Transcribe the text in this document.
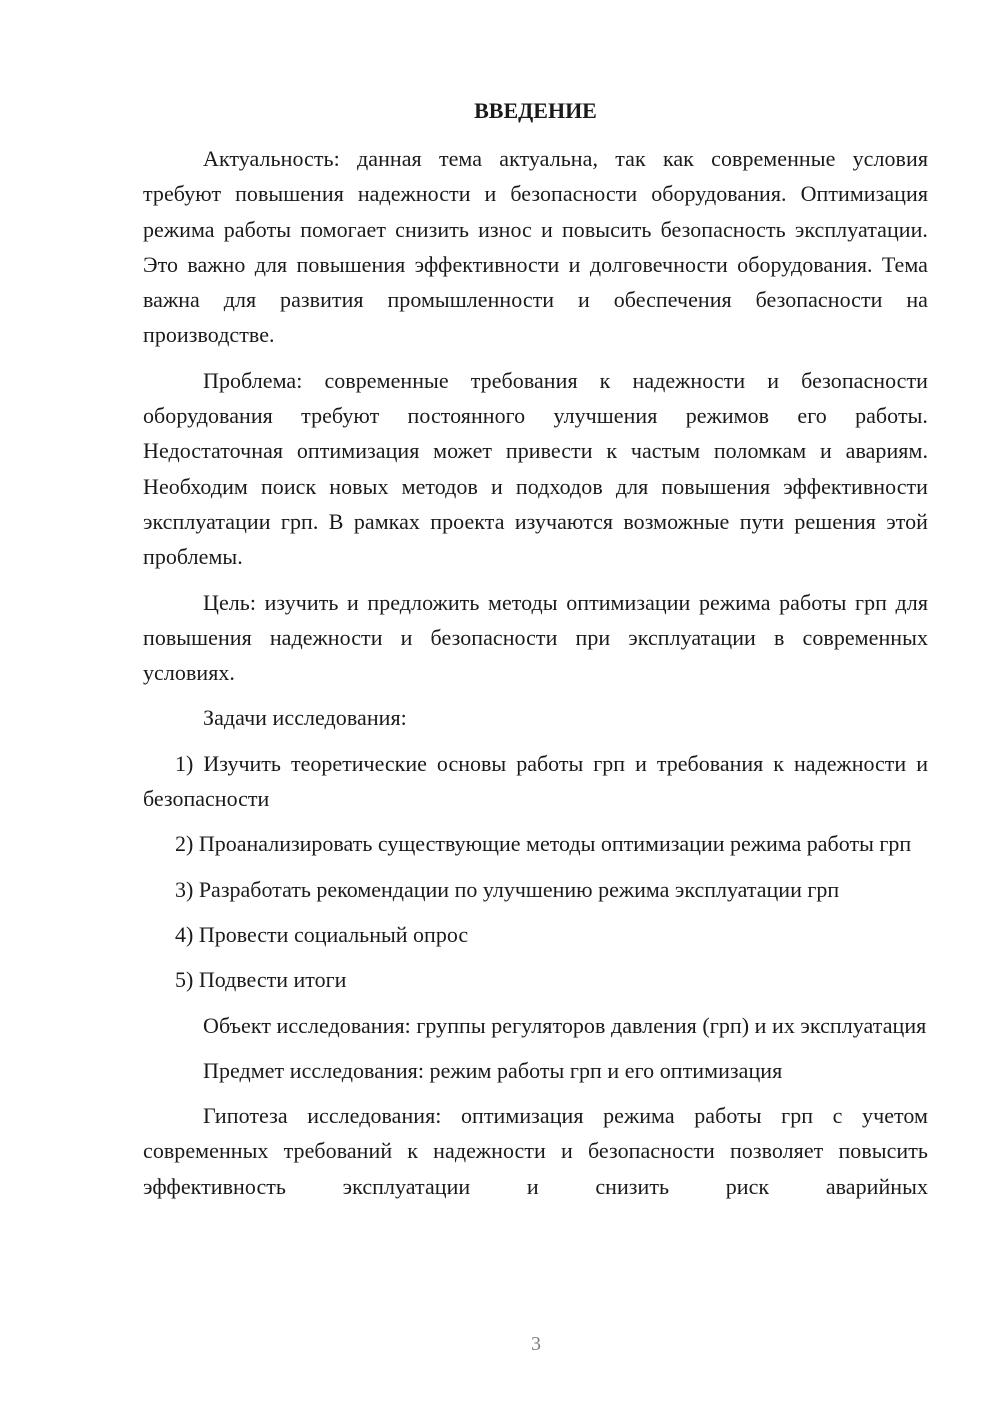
ВВЕДЕНИЕ

Актуальность: данная тема актуальна, так как современные условия требуют повышения надежности и безопасности оборудования. Оптимизация режима работы помогает снизить износ и повысить безопасность эксплуатации. Это важно для повышения эффективности и долговечности оборудования. Тема важна для развития промышленности и обеспечения безопасности на производстве.

Проблема: современные требования к надежности и безопасности оборудования требуют постоянного улучшения режимов его работы. Недостаточная оптимизация может привести к частым поломкам и авариям. Необходим поиск новых методов и подходов для повышения эффективности эксплуатации грп. В рамках проекта изучаются возможные пути решения этой проблемы.

Цель: изучить и предложить методы оптимизации режима работы грп для повышения надежности и безопасности при эксплуатации в современных условиях.

Задачи исследования:

1) Изучить теоретические основы работы грп и требования к надежности и безопасности

2) Проанализировать существующие методы оптимизации режима работы грп

3) Разработать рекомендации по улучшению режима эксплуатации грп

4) Провести социальный опрос

5) Подвести итоги

Объект исследования: группы регуляторов давления (грп) и их эксплуатация

Предмет исследования: режим работы грп и его оптимизация

Гипотеза исследования: оптимизация режима работы грп с учетом современных требований к надежности и безопасности позволяет повысить эффективность эксплуатации и снизить риск аварийных

3
